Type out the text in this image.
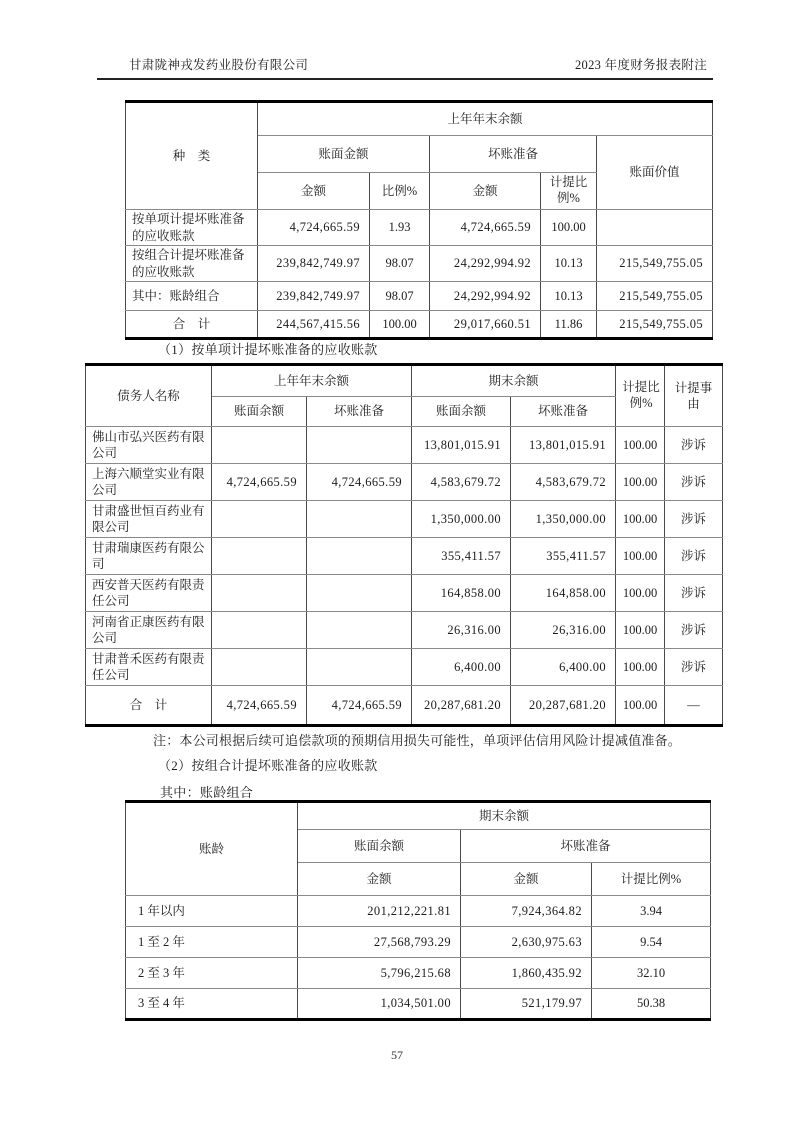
甘肃陇神戎发药业股份有限公司	2023 年度财务报表附注
种　类	上年年末余额				
	账面金额		坏账准备		账面价值
	金额	比例%	金额	计提比例%	
按单项计提坏账准备的应收账款	4,724,665.59	1.93	4,724,665.59	100.00	
按组合计提坏账准备的应收账款	239,842,749.97	98.07	24,292,994.92	10.13	215,549,755.05
其中：账龄组合	239,842,749.97	98.07	24,292,994.92	10.13	215,549,755.05
合　计	244,567,415.56	100.00	29,017,660.51	11.86	215,549,755.05
（1）按单项计提坏账准备的应收账款
债务人名称	上年年末余额		期末余额		计提比例%	计提事由
	账面余额	坏账准备	账面余额	坏账准备		
佛山市弘兴医药有限公司			13,801,015.91	13,801,015.91	100.00	涉诉
上海六顺堂实业有限公司	4,724,665.59	4,724,665.59	4,583,679.72	4,583,679.72	100.00	涉诉
甘肃盛世恒百药业有限公司			1,350,000.00	1,350,000.00	100.00	涉诉
甘肃瑞康医药有限公司			355,411.57	355,411.57	100.00	涉诉
西安普天医药有限责任公司			164,858.00	164,858.00	100.00	涉诉
河南省正康医药有限公司			26,316.00	26,316.00	100.00	涉诉
甘肃普禾医药有限责任公司			6,400.00	6,400.00	100.00	涉诉
合　计	4,724,665.59	4,724,665.59	20,287,681.20	20,287,681.20	100.00	—
注：本公司根据后续可追偿款项的预期信用损失可能性，单项评估信用风险计提减值准备。
（2）按组合计提坏账准备的应收账款
其中：账龄组合
账龄	期末余额		
	账面余额	坏账准备	
	金额	金额	计提比例%
1 年以内	201,212,221.81	7,924,364.82	3.94
1 至 2 年	27,568,793.29	2,630,975.63	9.54
2 至 3 年	5,796,215.68	1,860,435.92	32.10
3 至 4 年	1,034,501.00	521,179.97	50.38
57
